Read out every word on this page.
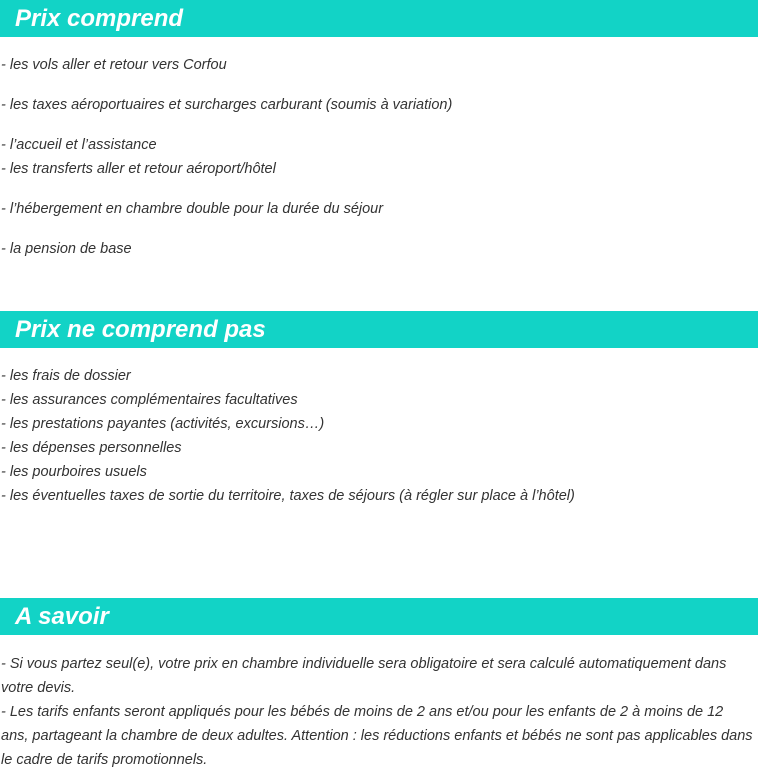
Prix comprend
- les vols aller et retour vers Corfou
- les taxes aéroportuaires et surcharges carburant (soumis à variation)
- l’accueil et l’assistance
- les transferts aller et retour aéroport/hôtel
- l’hébergement en chambre double pour la durée du séjour
- la pension de base
Prix ne comprend pas
- les frais de dossier
- les assurances complémentaires facultatives
- les prestations payantes (activités, excursions…)
- les dépenses personnelles
- les pourboires usuels
- les éventuelles taxes de sortie du territoire, taxes de séjours (à régler sur place à l’hôtel)
A savoir
- Si vous partez seul(e), votre prix en chambre individuelle sera obligatoire et sera calculé automatiquement dans votre devis.
- Les tarifs enfants seront appliqués pour les bébés de moins de 2 ans et/ou pour les enfants de 2 à moins de 12 ans, partageant la chambre de deux adultes. Attention : les réductions enfants et bébés ne sont pas applicables dans le cadre de tarifs promotionnels.
